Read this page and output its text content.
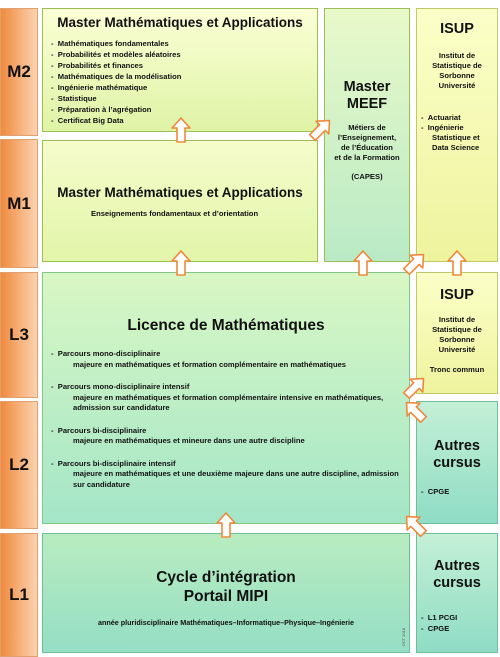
M2
M1
L3
L2
L1
Master Mathématiques et Applications
-  Mathématiques fondamentales
-  Probabilités et modèles aléatoires
-  Probabilités et finances
-  Mathématiques de la modélisation
-  Ingénierie mathématique
-  Statistique
-  Préparation à l’agrégation
-  Certificat Big Data
Master Mathématiques et Applications
Enseignements fondamentaux et d’orientation
Master
MEEF
Métiers de
l’Enseignement,
de l’Éducation
et de la Formation
(CAPES)
ISUP
Institut de
Statistique de
Sorbonne
Université
-  Actuariat
-  Ingénierie Statistique et Data Science
Licence de Mathématiques
-  Parcours mono-disciplinaire
majeure en mathématiques et formation complémentaire en mathématiques
-  Parcours mono-disciplinaire intensif
majeure en mathématiques et formation complémentaire intensive en mathématiques, admission sur candidature
-  Parcours bi-disciplinaire
majeure en mathématiques et mineure dans une autre discipline
-  Parcours bi-disciplinaire intensif
majeure en mathématiques et une deuxième majeure dans une autre discipline, admission sur candidature
ISUP
Institut de
Statistique de
Sorbonne
Université
Tronc commun
Autres
cursus
-  CPGE
Cycle d’intégration
Portail MIPI
année pluridisciplinaire Mathématiques–Informatique–Physique–Ingénierie
OCT 2018
Autres
cursus
-  L1 PCGI
-  CPGE
